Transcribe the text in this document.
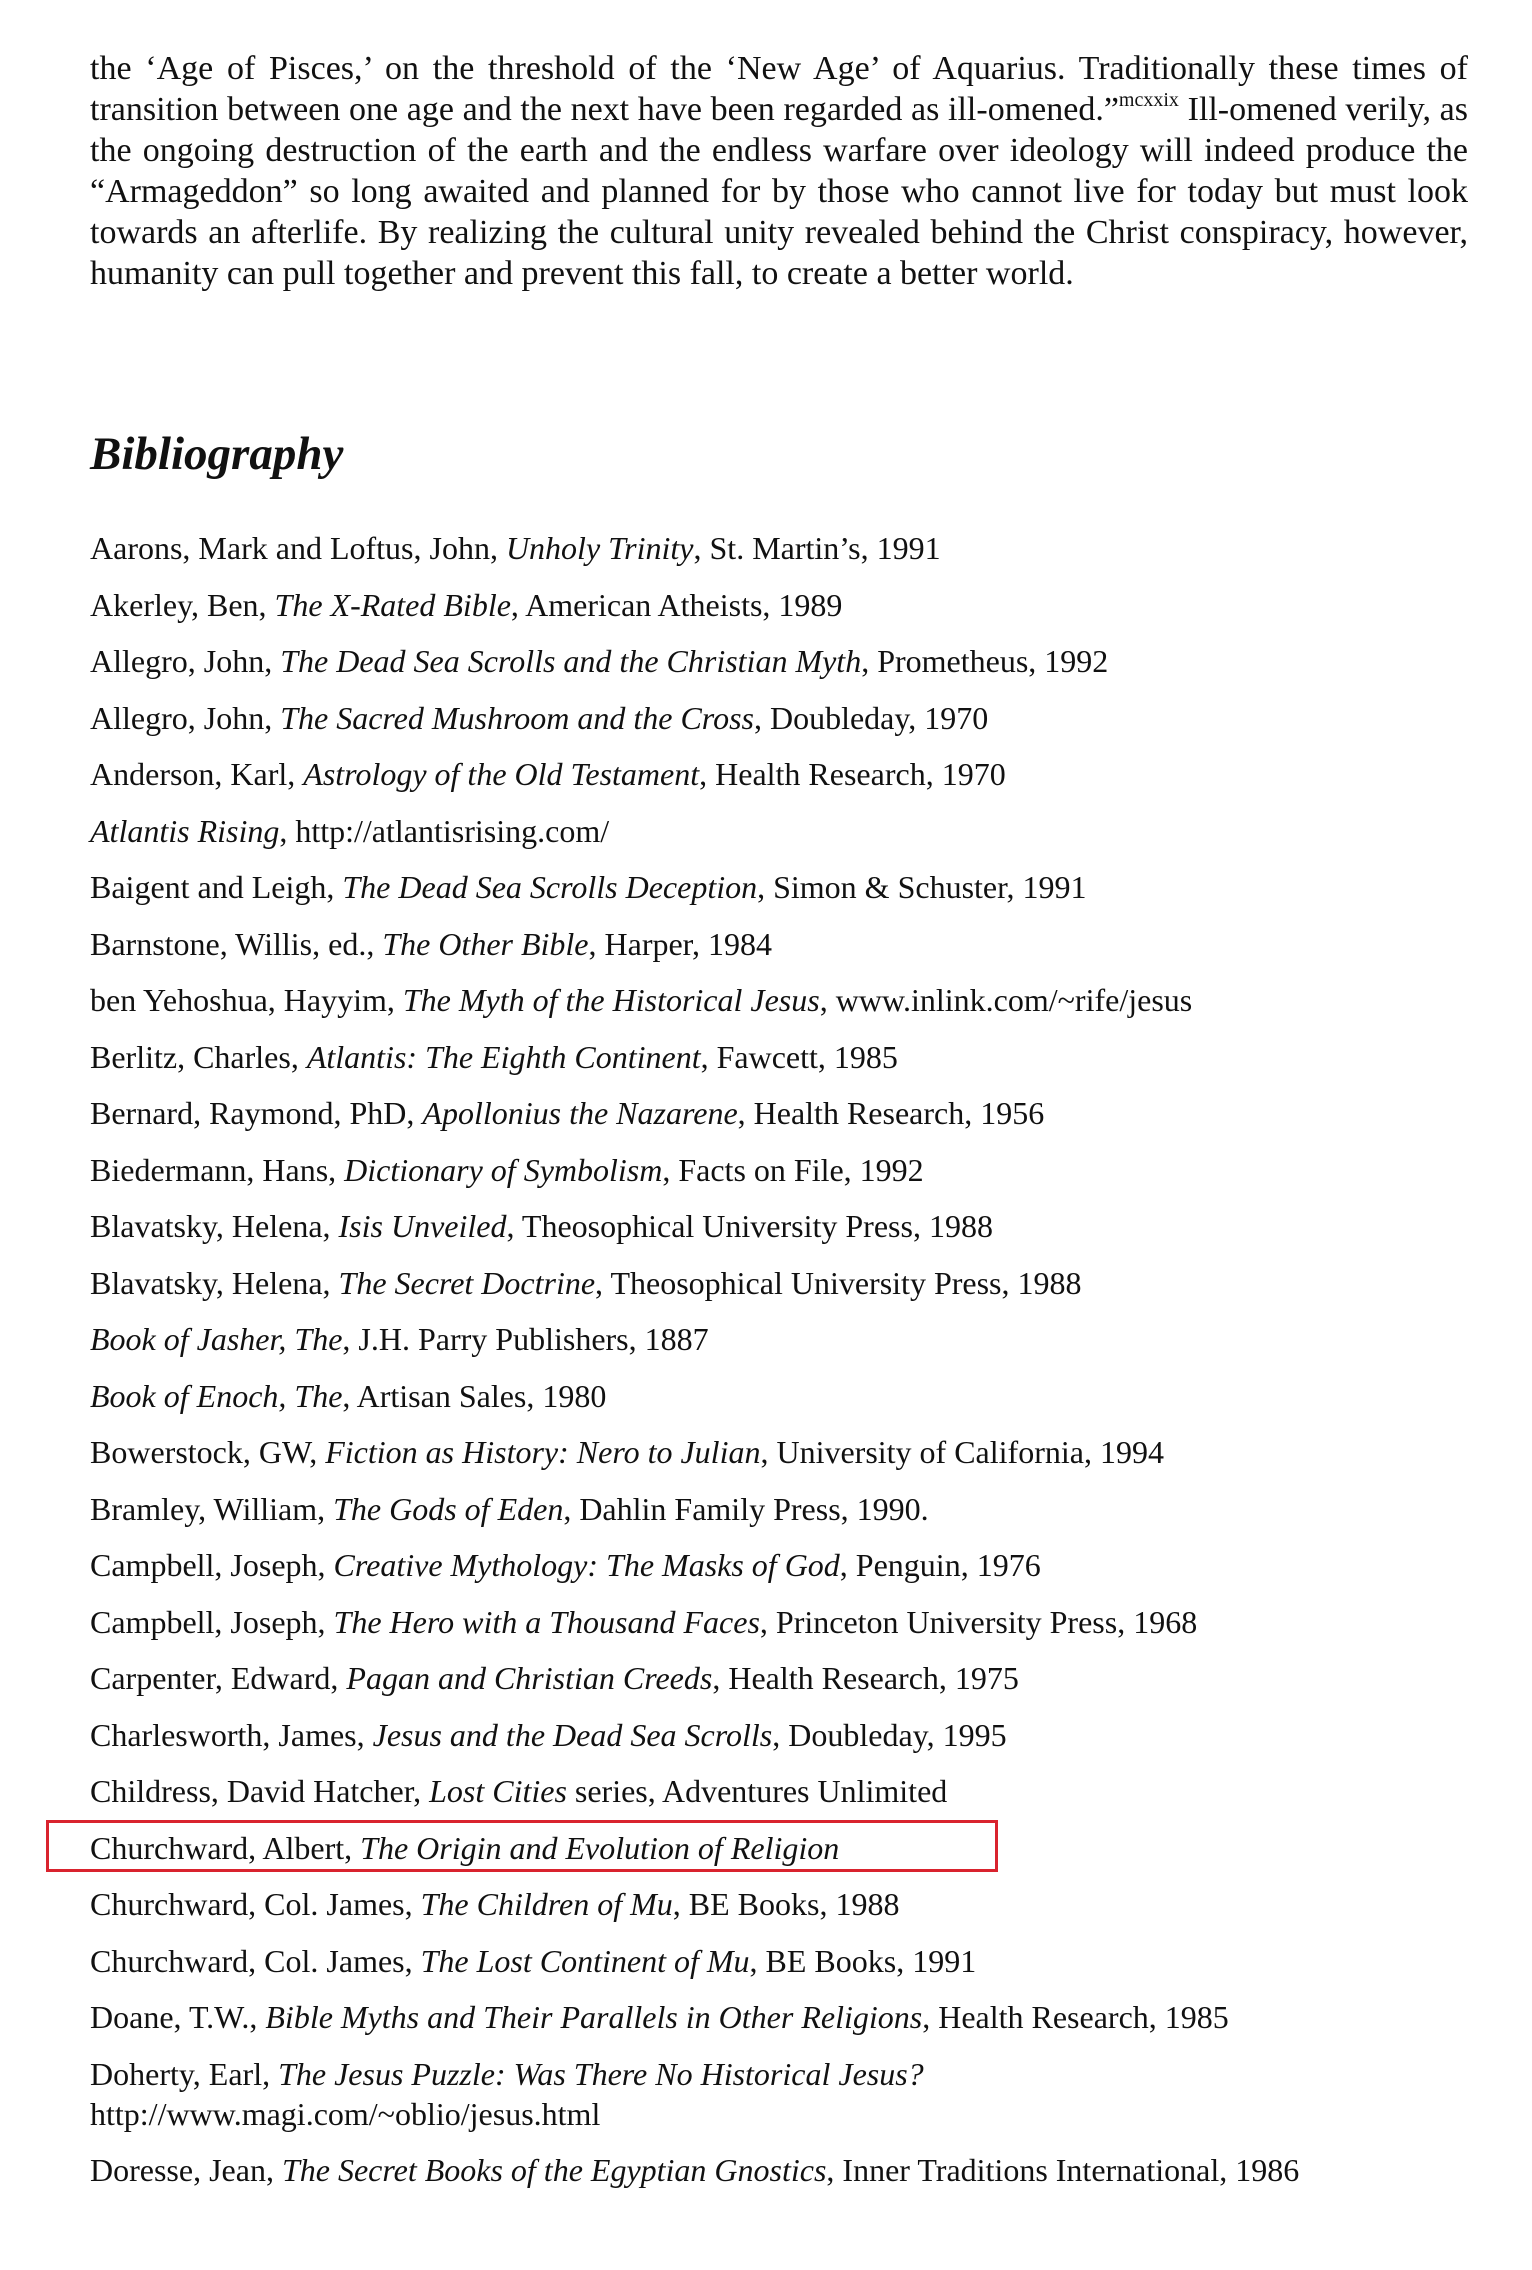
the ‘Age of Pisces,’ on the threshold of the ‘New Age’ of Aquarius. Traditionally these times of transition between one age and the next have been regarded as ill-omened.”$^{mcxxix}$ Ill-omened verily, as the ongoing destruction of the earth and the endless warfare over ideology will indeed produce the “Armageddon” so long awaited and planned for by those who cannot live for today but must look towards an afterlife. By realizing the cultural unity revealed behind the Christ conspiracy, however, humanity can pull together and prevent this fall, to create a better world.

Bibliography
Aarons, Mark and Loftus, John, Unholy Trinity, St. Martin’s, 1991
Akerley, Ben, The X-Rated Bible, American Atheists, 1989
Allegro, John, The Dead Sea Scrolls and the Christian Myth, Prometheus, 1992
Allegro, John, The Sacred Mushroom and the Cross, Doubleday, 1970
Anderson, Karl, Astrology of the Old Testament, Health Research, 1970
Atlantis Rising, http://atlantisrising.com/
Baigent and Leigh, The Dead Sea Scrolls Deception, Simon & Schuster, 1991
Barnstone, Willis, ed., The Other Bible, Harper, 1984
ben Yehoshua, Hayyim, The Myth of the Historical Jesus, www.inlink.com/~rife/jesus
Berlitz, Charles, Atlantis: The Eighth Continent, Fawcett, 1985
Bernard, Raymond, PhD, Apollonius the Nazarene, Health Research, 1956
Biedermann, Hans, Dictionary of Symbolism, Facts on File, 1992
Blavatsky, Helena, Isis Unveiled, Theosophical University Press, 1988
Blavatsky, Helena, The Secret Doctrine, Theosophical University Press, 1988
Book of Jasher, The, J.H. Parry Publishers, 1887
Book of Enoch, The, Artisan Sales, 1980
Bowerstock, GW, Fiction as History: Nero to Julian, University of California, 1994
Bramley, William, The Gods of Eden, Dahlin Family Press, 1990.
Campbell, Joseph, Creative Mythology: The Masks of God, Penguin, 1976
Campbell, Joseph, The Hero with a Thousand Faces, Princeton University Press, 1968
Carpenter, Edward, Pagan and Christian Creeds, Health Research, 1975
Charlesworth, James, Jesus and the Dead Sea Scrolls, Doubleday, 1995
Childress, David Hatcher, Lost Cities series, Adventures Unlimited
Churchward, Albert, The Origin and Evolution of Religion
Churchward, Col. James, The Children of Mu, BE Books, 1988
Churchward, Col. James, The Lost Continent of Mu, BE Books, 1991
Doane, T.W., Bible Myths and Their Parallels in Other Religions, Health Research, 1985
Doherty, Earl, The Jesus Puzzle: Was There No Historical Jesus?
http://www.magi.com/~oblio/jesus.html
Doresse, Jean, The Secret Books of the Egyptian Gnostics, Inner Traditions International, 1986
